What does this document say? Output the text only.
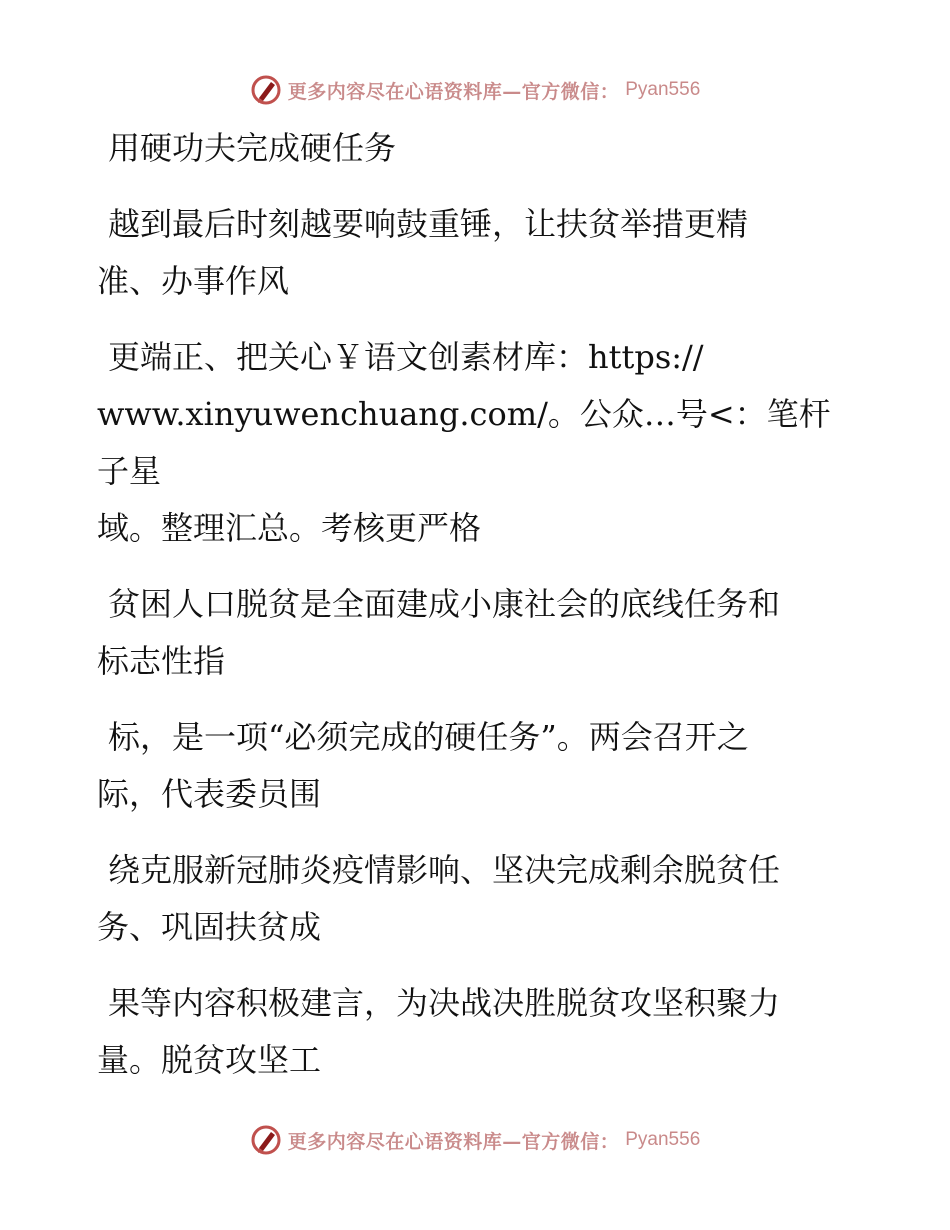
更多内容尽在心语资料库—官方微信： Pyan556

用硬功夫完成硬任务

越到最后时刻越要响鼓重锤，让扶贫举措更精
准、办事作风

更端正、把关心￥语文创素材库：https://
www.xinyuwenchuang.com/。公众…号<：笔杆子星
域。整理汇总。考核更严格

贫困人口脱贫是全面建成小康社会的底线任务和
标志性指

标，是一项“必须完成的硬任务”。两会召开之
际，代表委员围

绕克服新冠肺炎疫情影响、坚决完成剩余脱贫任
务、巩固扶贫成

果等内容积极建言，为决战决胜脱贫攻坚积聚力
量。脱贫攻坚工

更多内容尽在心语资料库—官方微信： Pyan556
